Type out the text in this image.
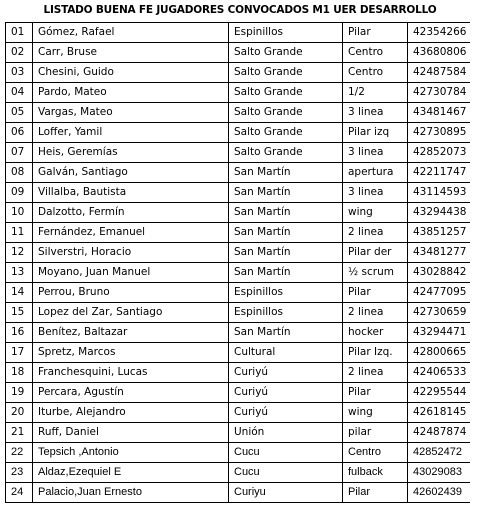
LISTADO BUENA FE JUGADORES CONVOCADOS M1 UER DESARROLLO
01	Gómez, Rafael	Espinillos	Pilar	42354266
02	Carr, Bruse	Salto Grande	Centro	43680806
03	Chesini, Guido	Salto Grande	Centro	42487584
04	Pardo, Mateo	Salto Grande	1/2	42730784
05	Vargas, Mateo	Salto Grande	3 linea	43481467
06	Loffer, Yamil	Salto Grande	Pilar izq	42730895
07	Heis, Geremías	Salto Grande	3 linea	42852073
08	Galván, Santiago	San Martín	apertura	42211747
09	Villalba, Bautista	San Martín	3 linea	43114593
10	Dalzotto, Fermín	San Martín	wing	43294438
11	Fernández, Emanuel	San Martín	2 linea	43851257
12	Silverstri, Horacio	San Martín	Pilar der	43481277
13	Moyano, Juan Manuel	San Martín	½ scrum	43028842
14	Perrou, Bruno	Espinillos	Pilar	42477095
15	Lopez del Zar, Santiago	Espinillos	2 linea	42730659
16	Benítez, Baltazar	San Martín	hocker	43294471
17	Spretz, Marcos	Cultural	Pilar Izq.	42800665
18	Franchesquini, Lucas	Curiyú	2 linea	42406533
19	Percara, Agustín	Curiyú	Pilar	42295544
20	Iturbe, Alejandro	Curiyú	wing	42618145
21	Ruff, Daniel	Unión	pilar	42487874
22	Tepsich ,Antonio	Cucu	Centro	42852472
23	Aldaz,Ezequiel E	Cucu	fulback	43029083
24	Palacio,Juan Ernesto	Curiyu	Pilar	42602439
